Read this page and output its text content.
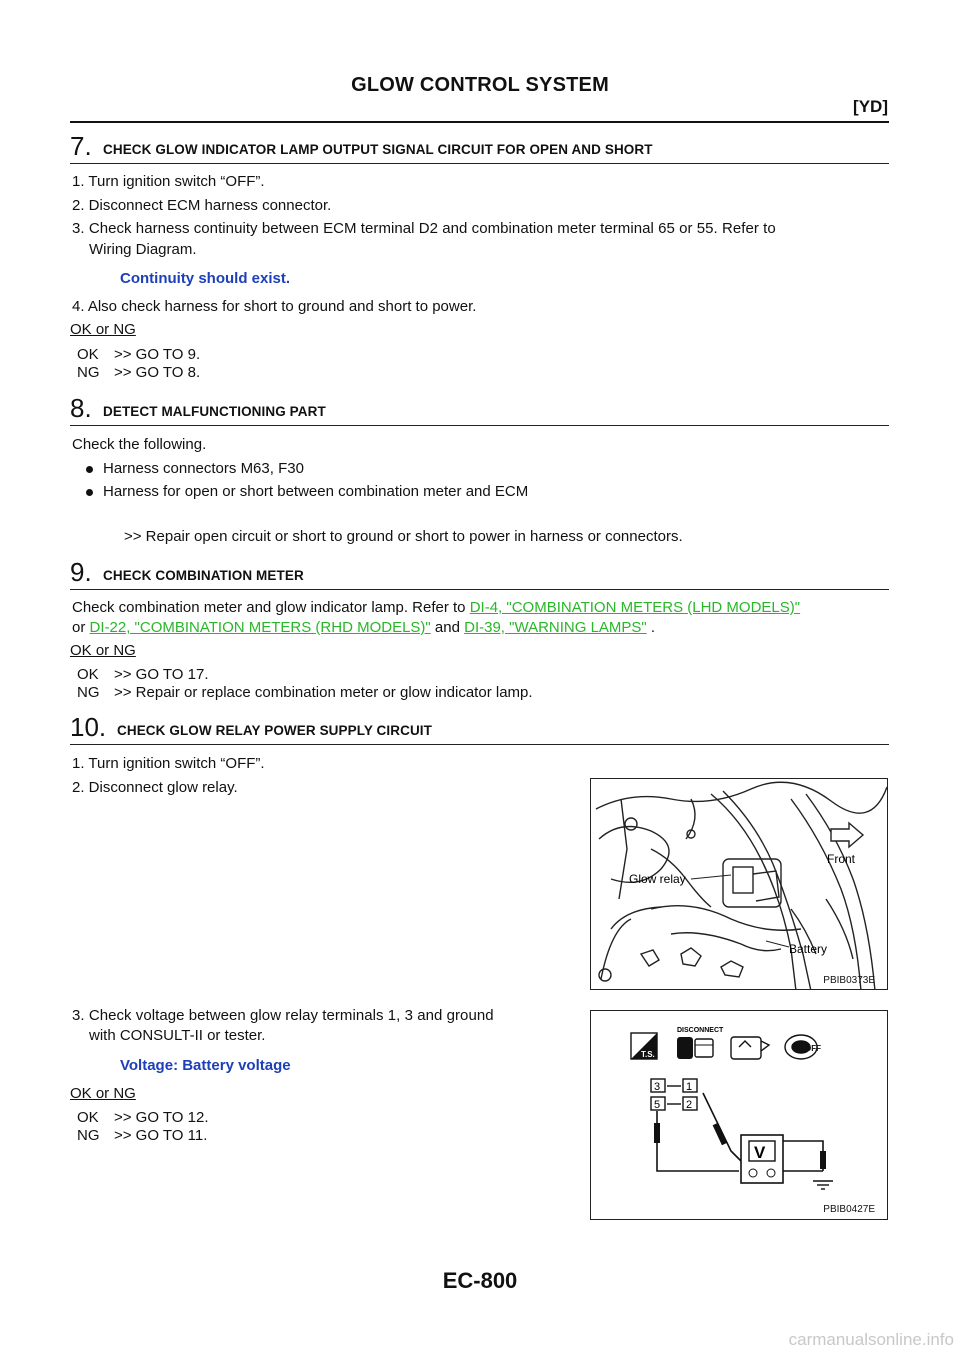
GLOW CONTROL SYSTEM
[YD]
7. CHECK GLOW INDICATOR LAMP OUTPUT SIGNAL CIRCUIT FOR OPEN AND SHORT
1. Turn ignition switch “OFF”.
2. Disconnect ECM harness connector.
3. Check harness continuity between ECM terminal D2 and combination meter terminal 65 or 55. Refer to
Wiring Diagram.
Continuity should exist.
4. Also check harness for short to ground and short to power.
OK or NG
OK >> GO TO 9.
NG >> GO TO 8.
8. DETECT MALFUNCTIONING PART
Check the following.
Harness connectors M63, F30
Harness for open or short between combination meter and ECM
>> Repair open circuit or short to ground or short to power in harness or connectors.
9. CHECK COMBINATION METER
Check combination meter and glow indicator lamp. Refer to DI-4, "COMBINATION METERS (LHD MODELS)"
or DI-22, "COMBINATION METERS (RHD MODELS)" and DI-39, "WARNING LAMPS" .
OK or NG
OK >> GO TO 17.
NG >> Repair or replace combination meter or glow indicator lamp.
10. CHECK GLOW RELAY POWER SUPPLY CIRCUIT
1. Turn ignition switch “OFF”.
2. Disconnect glow relay.
3. Check voltage between glow relay terminals 1, 3 and ground
with CONSULT-II or tester.
Voltage: Battery voltage
OK or NG
OK >> GO TO 12.
NG >> GO TO 11.
Front
Glow relay
Battery
PBIB0373E
T.S.
DISCONNECT
OFF
3
5
1
2
V
PBIB0427E
EC-800
carmanualsonline.info
